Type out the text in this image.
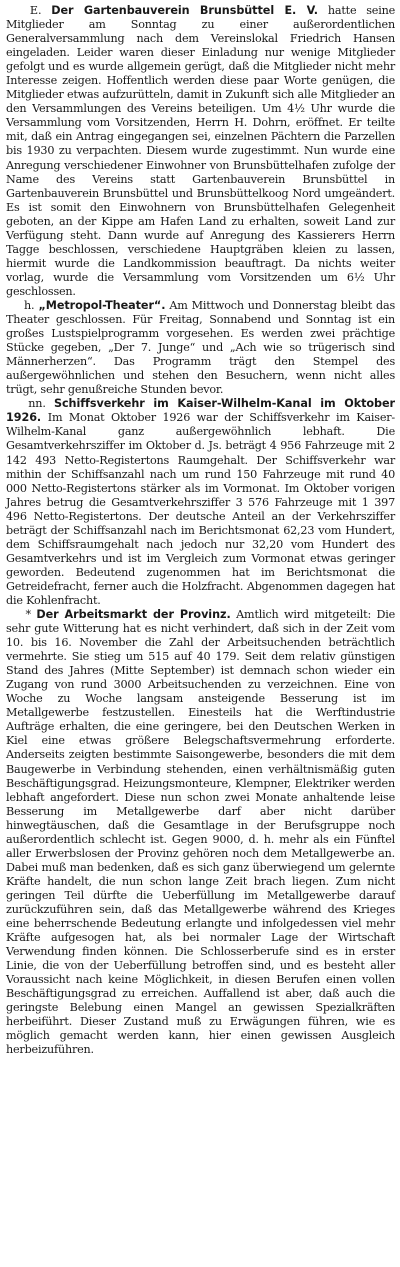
E. Der Gartenbauverein Brunsbüttel E. V. hatte seine Mitglieder am Sonntag zu einer außerordentlichen Generalversammlung nach dem Vereinslokal Friedrich Hansen eingeladen. Leider waren dieser Einladung nur wenige Mitglieder gefolgt und es wurde allgemein gerügt, daß die Mitglieder nicht mehr Interesse zeigen. Hoffentlich werden diese paar Worte genügen, die Mitglieder etwas aufzurütteln, damit in Zukunft sich alle Mitglieder an den Versammlungen des Vereins beteiligen. Um 4½ Uhr wurde die Versammlung vom Vorsitzenden, Herrn H. Dohrn, eröffnet. Er teilte mit, daß ein Antrag eingegangen sei, einzelnen Pächtern die Parzellen bis 1930 zu verpachten. Diesem wurde zugestimmt. Nun wurde eine Anregung verschiedener Einwohner von Brunsbüttelhafen zufolge der Name des Vereins statt Gartenbauverein Brunsbüttel in Gartenbauverein Brunsbüttel und Brunsbüttelkoog Nord umgeändert. Es ist somit den Einwohnern von Brunsbüttelhafen Gelegenheit geboten, an der Kippe am Hafen Land zu erhalten, soweit Land zur Verfügung steht. Dann wurde auf Anregung des Kassierers Herrn Tagge beschlossen, verschiedene Hauptgräben kleien zu lassen, hiermit wurde die Landkommission beauftragt. Da nichts weiter vorlag, wurde die Versammlung vom Vorsitzenden um 6½ Uhr geschlossen.

h. „Metropol-Theater“. Am Mittwoch und Donnerstag bleibt das Theater geschlossen. Für Freitag, Sonnabend und Sonntag ist ein großes Lustspielprogramm vorgesehen. Es werden zwei prächtige Stücke gegeben, „Der 7. Junge“ und „Ach wie so trügerisch sind Männerherzen“. Das Programm trägt den Stempel des außergewöhnlichen und stehen den Besuchern, wenn nicht alles trügt, sehr genußreiche Stunden bevor.

nn. Schiffsverkehr im Kaiser-Wilhelm-Kanal im Oktober 1926. Im Monat Oktober 1926 war der Schiffsverkehr im Kaiser-Wilhelm-Kanal ganz außergewöhnlich lebhaft. Die Gesamtverkehrsziffer im Oktober d. Js. beträgt 4 956 Fahrzeuge mit 2 142 493 Netto-Registertons Raumgehalt. Der Schiffsverkehr war mithin der Schiffsanzahl nach um rund 150 Fahrzeuge mit rund 40 000 Netto-Registertons stärker als im Vormonat. Im Oktober vorigen Jahres betrug die Gesamtverkehrsziffer 3 576 Fahrzeuge mit 1 397 496 Netto-Registertons. Der deutsche Anteil an der Verkehrsziffer beträgt der Schiffsanzahl nach im Berichtsmonat 62,23 vom Hundert, dem Schiffsraumgehalt nach jedoch nur 32,20 vom Hundert des Gesamtverkehrs und ist im Vergleich zum Vormonat etwas geringer geworden. Bedeutend zugenommen hat im Berichtsmonat die Getreidefracht, ferner auch die Holzfracht. Abgenommen dagegen hat die Kohlenfracht.

* Der Arbeitsmarkt der Provinz. Amtlich wird mitgeteilt: Die sehr gute Witterung hat es nicht verhindert, daß sich in der Zeit vom 10. bis 16. November die Zahl der Arbeitsuchenden beträchtlich vermehrte. Sie stieg um 515 auf 40 179. Seit dem relativ günstigen Stand des Jahres (Mitte September) ist demnach schon wieder ein Zugang von rund 3000 Arbeitsuchenden zu verzeichnen. Eine von Woche zu Woche langsam ansteigende Besserung ist im Metallgewerbe festzustellen. Einesteils hat die Werftindustrie Aufträge erhalten, die eine geringere, bei den Deutschen Werken in Kiel eine etwas größere Belegschaftsvermehrung erforderte. Anderseits zeigten bestimmte Saisongewerbe, besonders die mit dem Baugewerbe in Verbindung stehenden, einen verhältnismäßig guten Beschäftigungsgrad. Heizungsmonteure, Klempner, Elektriker werden lebhaft angefordert. Diese nun schon zwei Monate anhaltende leise Besserung im Metallgewerbe darf aber nicht darüber hinwegtäuschen, daß die Gesamtlage in der Berufsgruppe noch außerordentlich schlecht ist. Gegen 9000, d. h. mehr als ein Fünftel aller Erwerbslosen der Provinz gehören noch dem Metallgewerbe an. Dabei muß man bedenken, daß es sich ganz überwiegend um gelernte Kräfte handelt, die nun schon lange Zeit brach liegen. Zum nicht geringen Teil dürfte die Ueberfüllung im Metallgewerbe darauf zurückzuführen sein, daß das Metallgewerbe während des Krieges eine beherrschende Bedeutung erlangte und infolgedessen viel mehr Kräfte aufgesogen hat, als bei normaler Lage der Wirtschaft Verwendung finden können. Die Schlosserberufe sind es in erster Linie, die von der Ueberfüllung betroffen sind, und es besteht aller Voraussicht nach keine Möglichkeit, in diesen Berufen einen vollen Beschäftigungsgrad zu erreichen. Auffallend ist aber, daß auch die geringste Belebung einen Mangel an gewissen Spezialkräften herbeiführt. Dieser Zustand muß zu Erwägungen führen, wie es möglich gemacht werden kann, hier einen gewissen Ausgleich herbeizuführen.
